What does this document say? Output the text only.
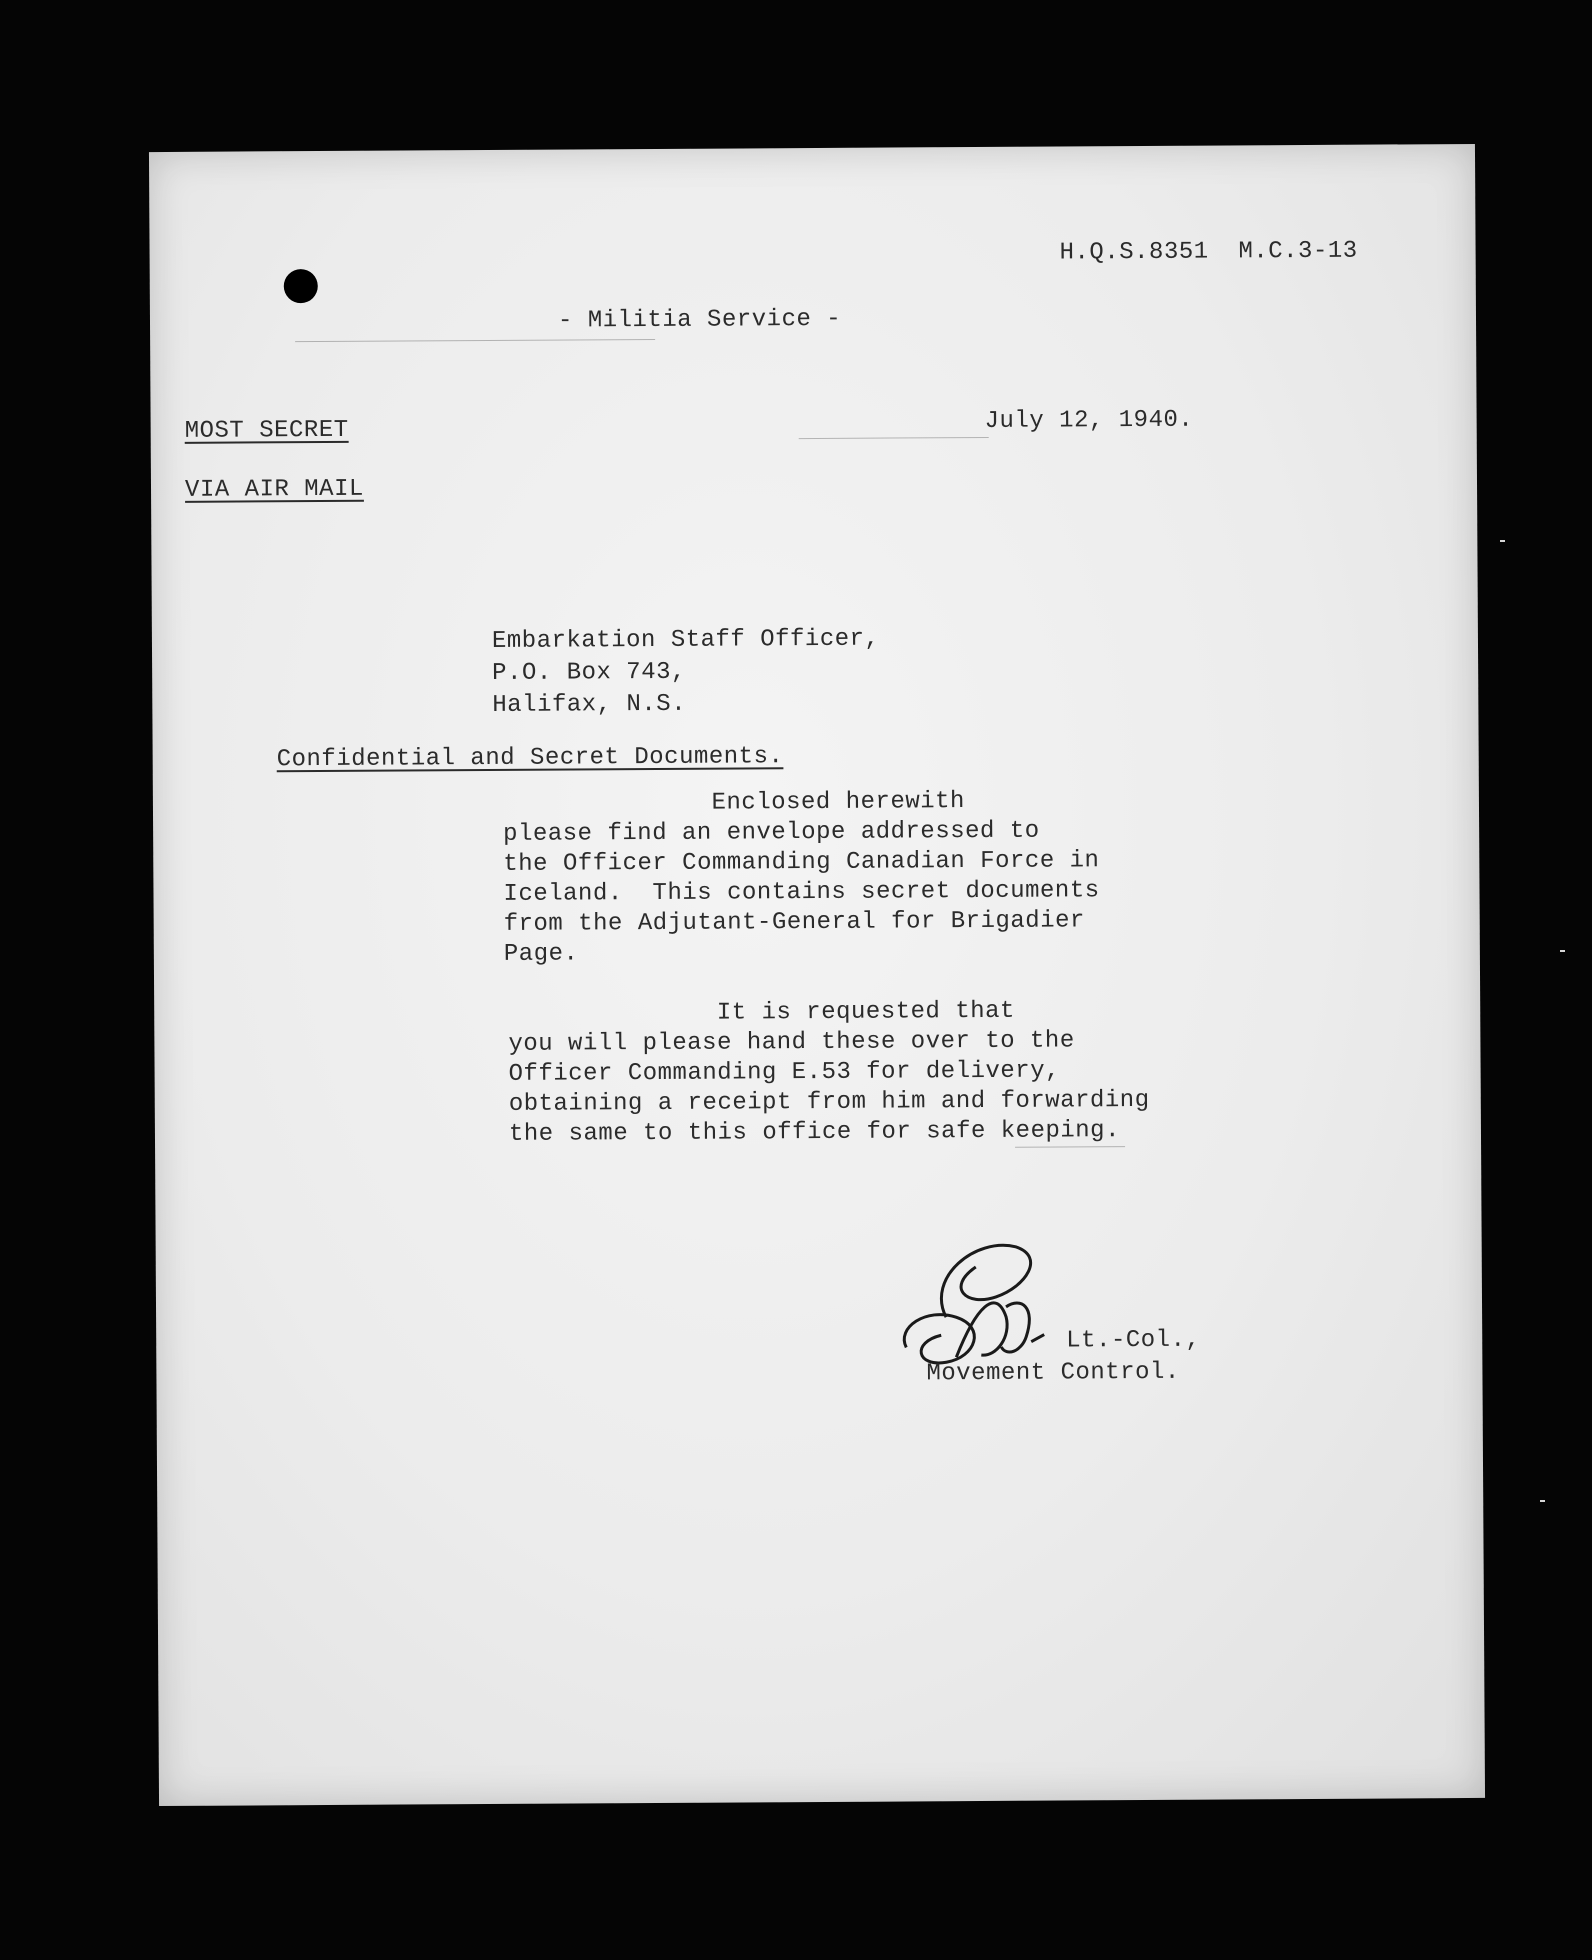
H.Q.S.8351  M.C.3-13
- Militia Service -
MOST SECRET	July 12, 1940.
VIA AIR MAIL
Embarkation Staff Officer,
P.O. Box 743,
Halifax, N.S.
Confidential and Secret Documents.
Enclosed herewith
please find an envelope addressed to
the Officer Commanding Canadian Force in
Iceland.  This contains secret documents
from the Adjutant-General for Brigadier
Page.
It is requested that
you will please hand these over to the
Officer Commanding E.53 for delivery,
obtaining a receipt from him and forwarding
the same to this office for safe keeping.
Lt.-Col.,
Movement Control.
